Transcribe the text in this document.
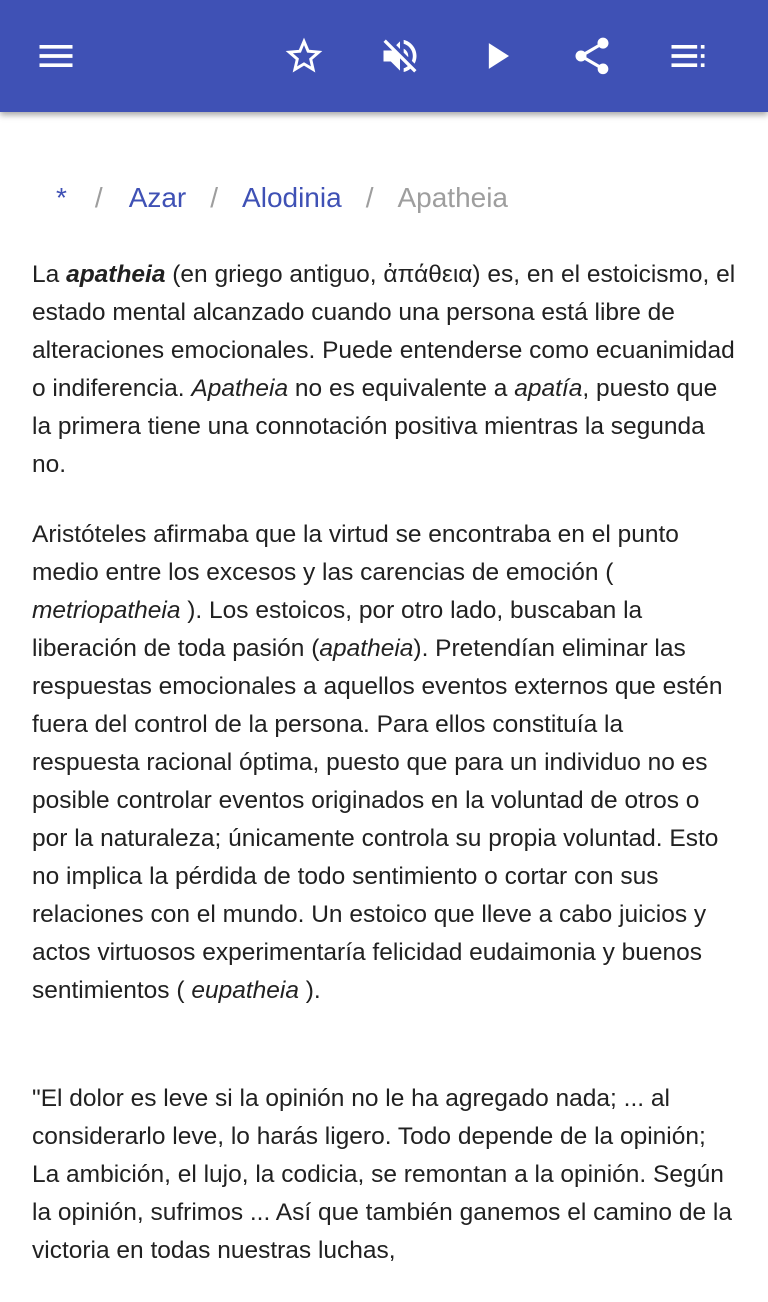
* / Azar / Alodinia / Apatheia

La apatheia (en griego antiguo, ἀπάθεια) es, en el estoicismo, el estado mental alcanzado cuando una persona está libre de alteraciones emocionales. Puede entenderse como ecuanimidad o indiferencia. Apatheia no es equivalente a apatía, puesto que la primera tiene una connotación positiva mientras la segunda no.

Aristóteles afirmaba que la virtud se encontraba en el punto medio entre los excesos y las carencias de emoción ( metriopatheia ). Los estoicos, por otro lado, buscaban la liberación de toda pasión (apatheia). Pretendían eliminar las respuestas emocionales a aquellos eventos externos que estén fuera del control de la persona. Para ellos constituía la respuesta racional óptima, puesto que para un individuo no es posible controlar eventos originados en la voluntad de otros o por la naturaleza; únicamente controla su propia voluntad. Esto no implica la pérdida de todo sentimiento o cortar con sus relaciones con el mundo. Un estoico que lleve a cabo juicios y actos virtuosos experimentaría felicidad eudaimonia y buenos sentimientos ( eupatheia ).

"El dolor es leve si la opinión no le ha agregado nada; ... al considerarlo leve, lo harás ligero. Todo depende de la opinión; La ambición, el lujo, la codicia, se remontan a la opinión. Según la opinión, sufrimos ... Así que también ganemos el camino de la victoria en todas nuestras luchas,
